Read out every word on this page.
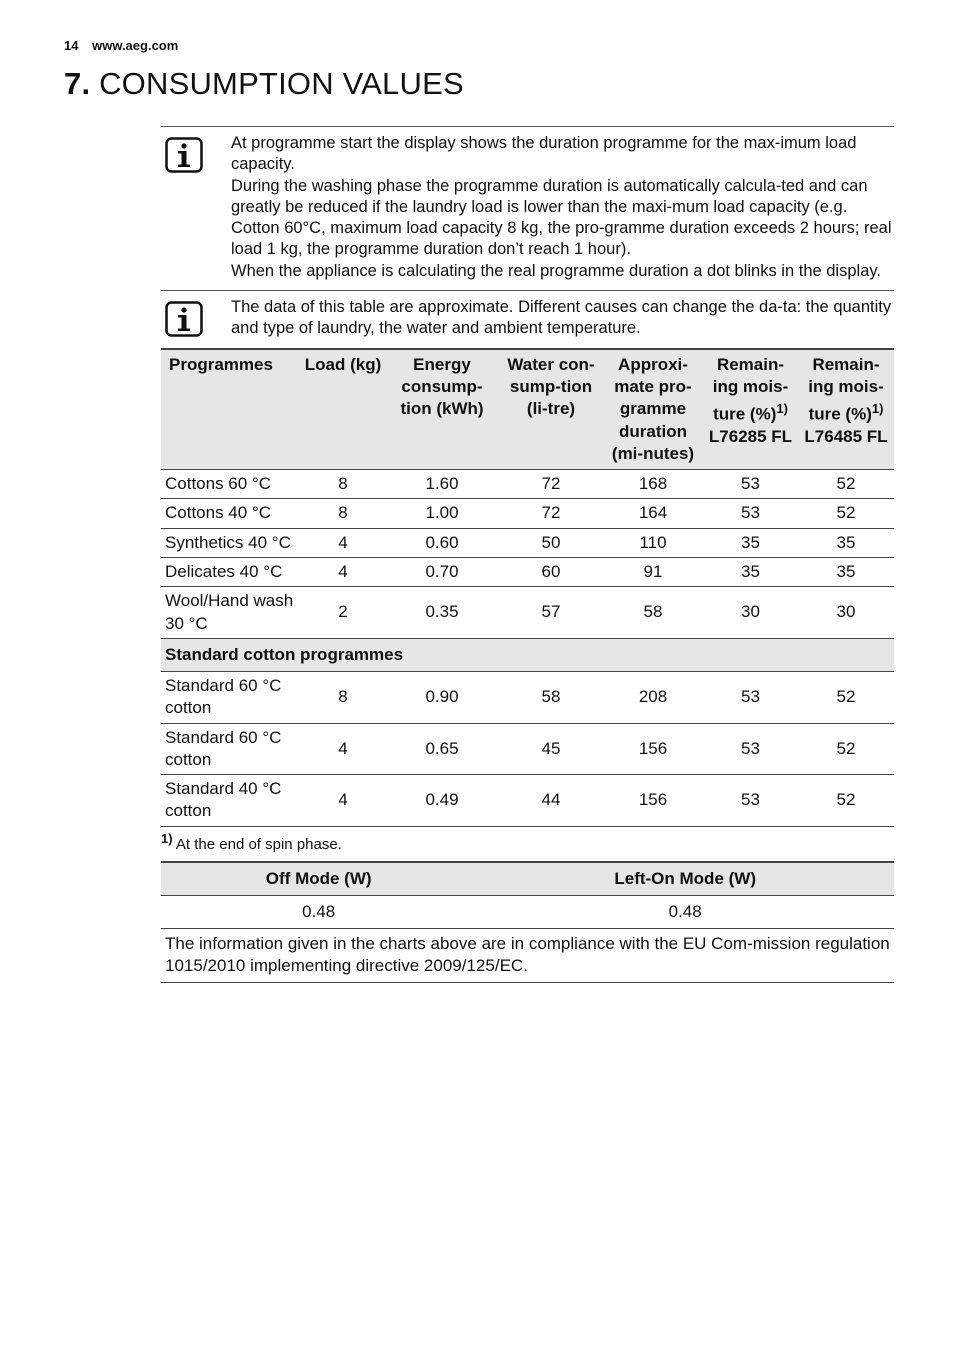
14 www.aeg.com
7. CONSUMPTION VALUES

At programme start the display shows the duration programme for the max-imum load capacity.

During the washing phase the programme duration is automatically calcula-ted and can greatly be reduced if the laundry load is lower than the maxi-mum load capacity (e.g. Cotton 60°C, maximum load capacity 8 kg, the pro-gramme duration exceeds 2 hours; real load 1 kg, the programme duration don’t reach 1 hour).

When the appliance is calculating the real programme duration a dot blinks in the display.

The data of this table are approximate. Different causes can change the da-ta: the quantity and type of laundry, the water and ambient temperature.

Programmes	Load (kg)	Energy consump-tion (kWh)	Water con-sump-tion (li-tre)	Approxi-mate pro-gramme duration (mi-nutes)	Remain-ing mois-ture (%)$^{1)}$ L76285 FL	Remain-ing mois-ture (%)$^{1)}$ L76485 FL
Cottons 60 °C	8	1.60	72	168	53	52
Cottons 40 °C	8	1.00	72	164	53	52
Synthetics 40 °C	4	0.60	50	110	35	35
Delicates 40 °C	4	0.70	60	91	35	35
Wool/Hand wash 30 °C	2	0.35	57	58	30	30
Standard cotton programmes						
Standard 60 °C cotton	8	0.90	58	208	53	52
Standard 60 °C cotton	4	0.65	45	156	53	52
Standard 40 °C cotton	4	0.49	44	156	53	52
$^{1)}$ At the end of spin phase.
Off Mode (W)	Left-On Mode (W)
0.48	0.48
The information given in the charts above are in compliance with the EU Com-mission regulation 1015/2010 implementing directive 2009/125/EC.	
